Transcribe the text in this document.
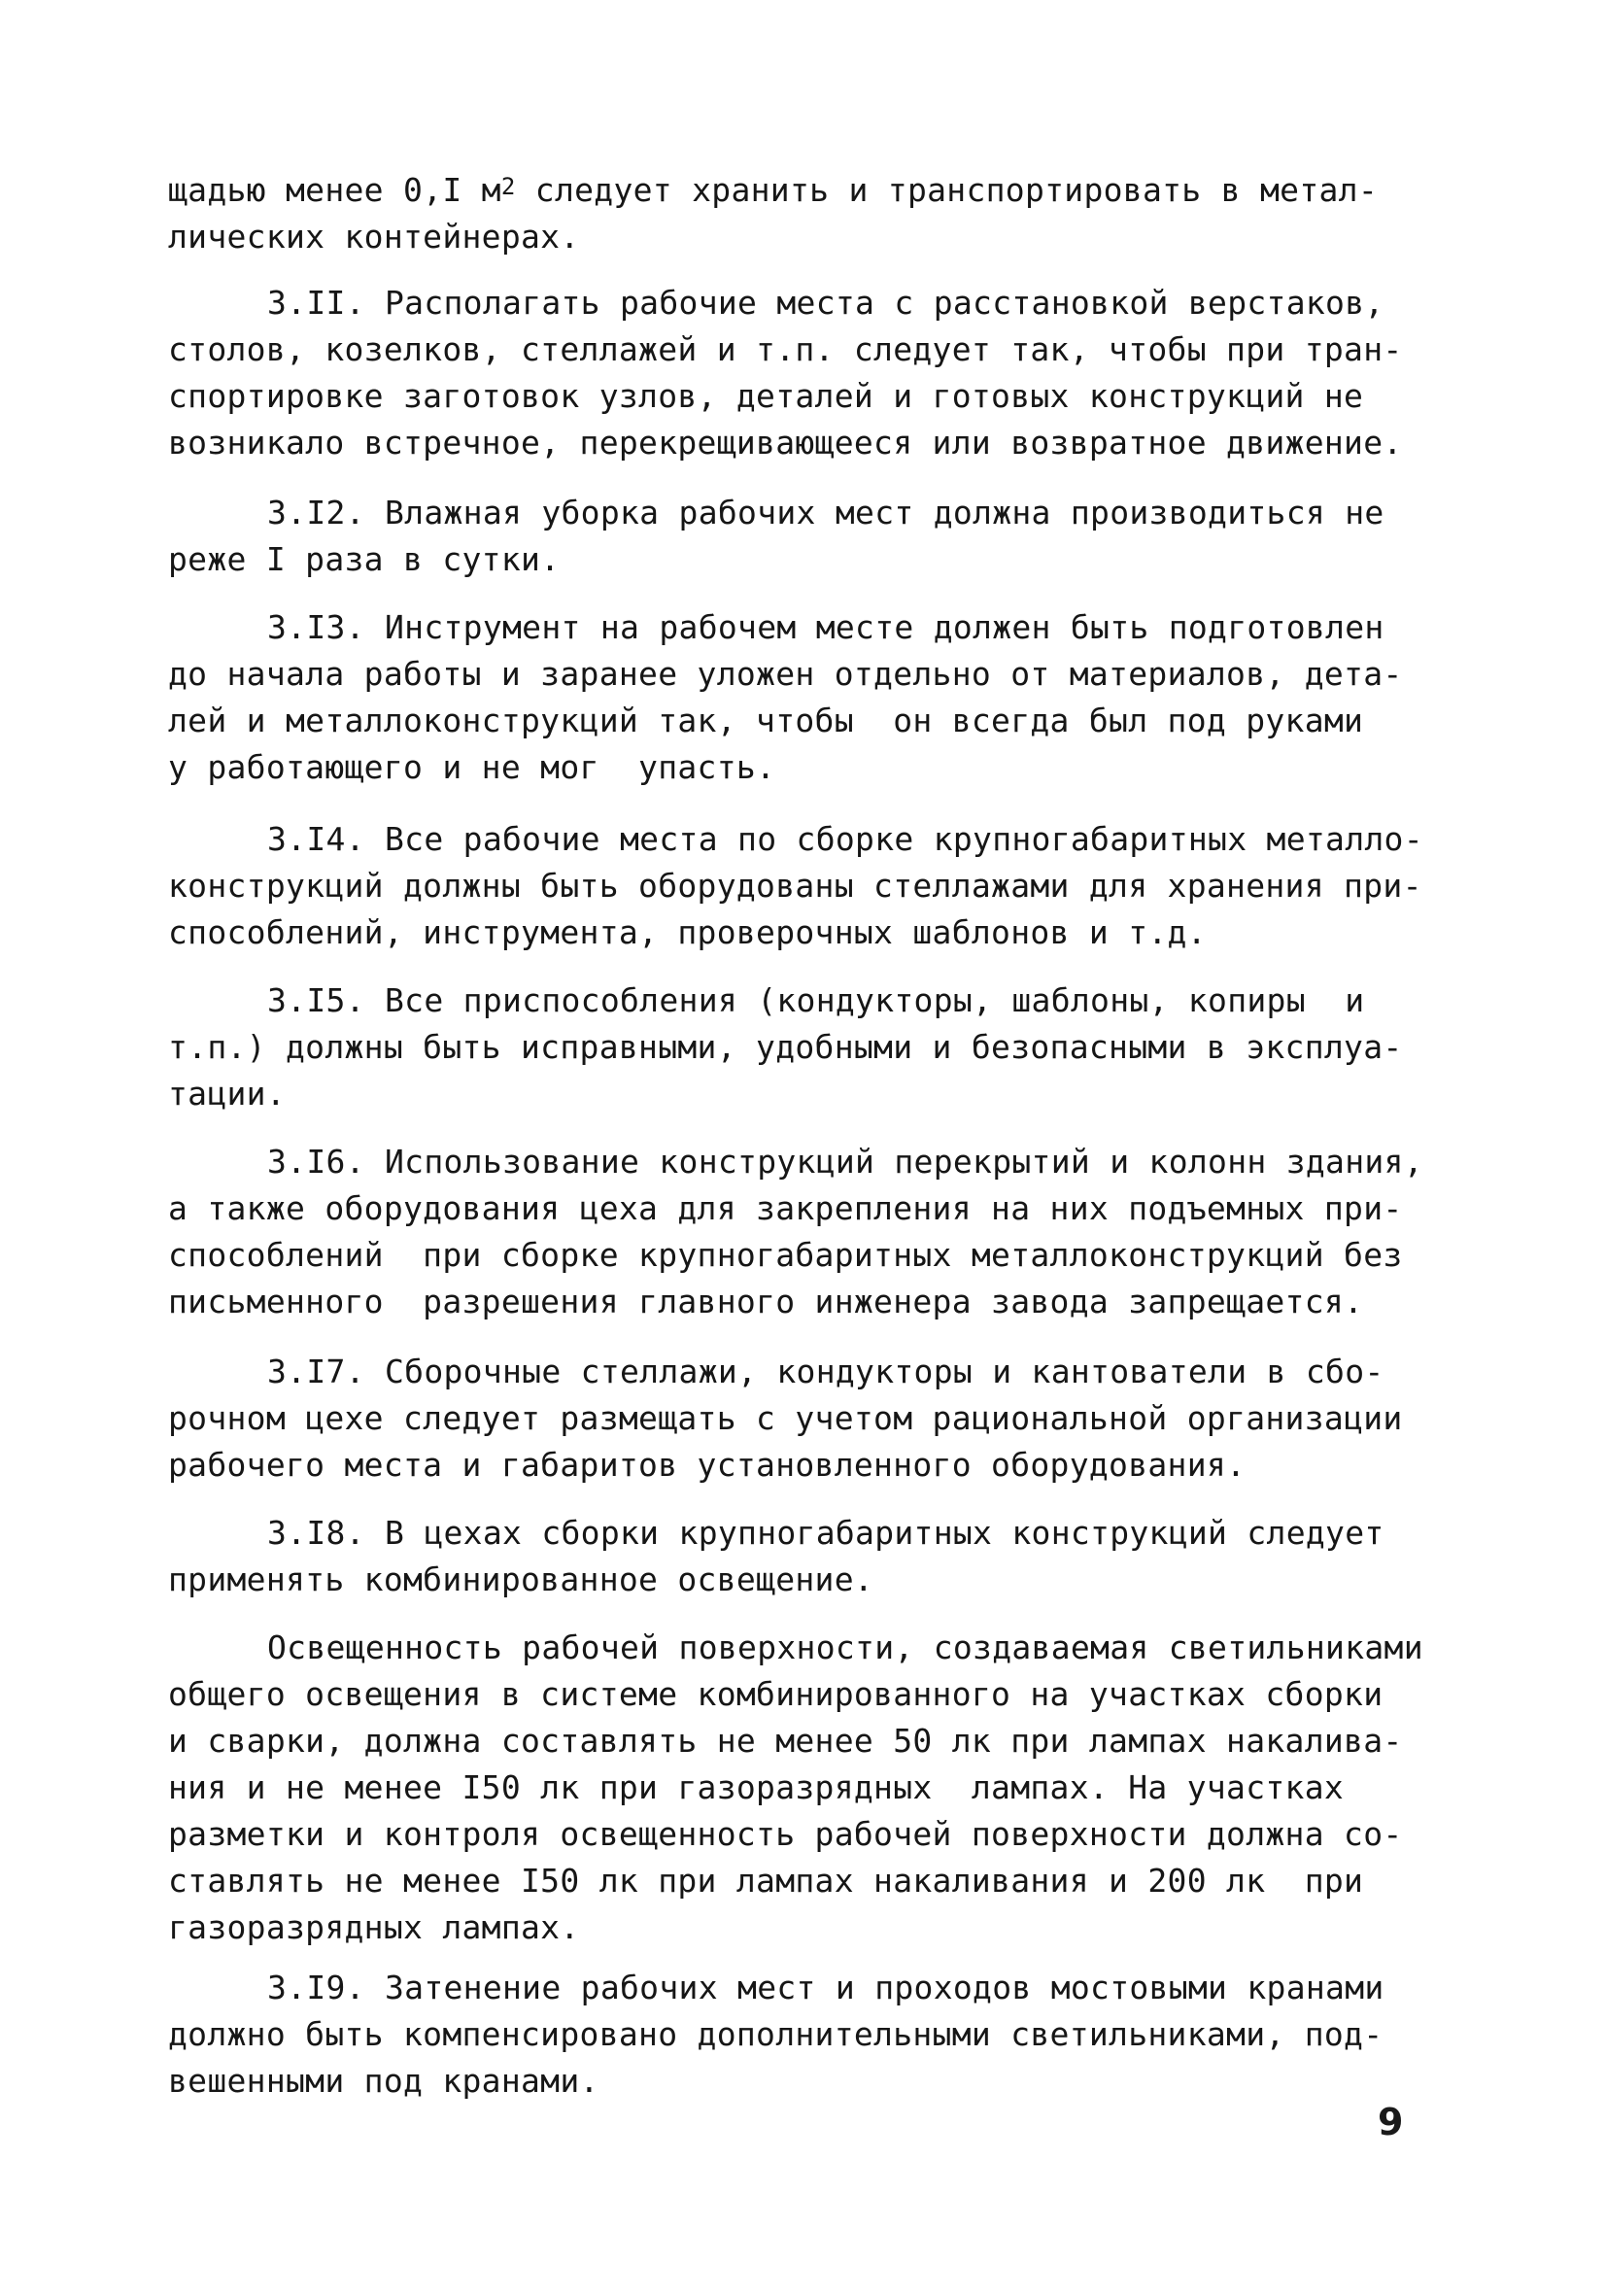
щадью менее 0,I $м^2$ следует хранить и транспортировать в метал-
лических контейнерах.
3.II. Располагать рабочие места с расстановкой верстаков,
столов, козелков, стеллажей и т.п. следует так, чтобы при тран-
спортировке заготовок узлов, деталей и готовых конструкций не
возникало встречное, перекрещивающееся или возвратное движение.
3.I2. Влажная уборка рабочих мест должна производиться не
реже I раза в сутки.
3.I3. Инструмент на рабочем месте должен быть подготовлен
до начала работы и заранее уложен отдельно от материалов, дета-
лей и металлоконструкций так, чтобы  он всегда был под руками
у работающего и не мог  упасть.
3.I4. Все рабочие места по сборке крупногабаритных металло-
конструкций должны быть оборудованы стеллажами для хранения при-
способлений, инструмента, проверочных шаблонов и т.д.
3.I5. Все приспособления (кондукторы, шаблоны, копиры  и
т.п.) должны быть исправными, удобными и безопасными в эксплуа-
тации.
3.I6. Использование конструкций перекрытий и колонн здания,
а также оборудования цеха для закрепления на них подъемных при-
способлений  при сборке крупногабаритных металлоконструкций без
письменного  разрешения главного инженера завода запрещается.
3.I7. Сборочные стеллажи, кондукторы и кантователи в сбо-
рочном цехе следует размещать с учетом рациональной организации
рабочего места и габаритов установленного оборудования.
3.I8. В цехах сборки крупногабаритных конструкций следует
применять комбинированное освещение.
Освещенность рабочей поверхности, создаваемая светильниками
общего освещения в системе комбинированного на участках сборки
и сварки, должна составлять не менее 50 лк при лампах накалива-
ния и не менее I50 лк при газоразрядных  лампах. На участках
разметки и контроля освещенность рабочей поверхности должна со-
ставлять не менее I50 лк при лампах накаливания и 200 лк  при
газоразрядных лампах.
3.I9. Затенение рабочих мест и проходов мостовыми кранами
должно быть компенсировано дополнительными светильниками, под-
вешенными под кранами.
9
